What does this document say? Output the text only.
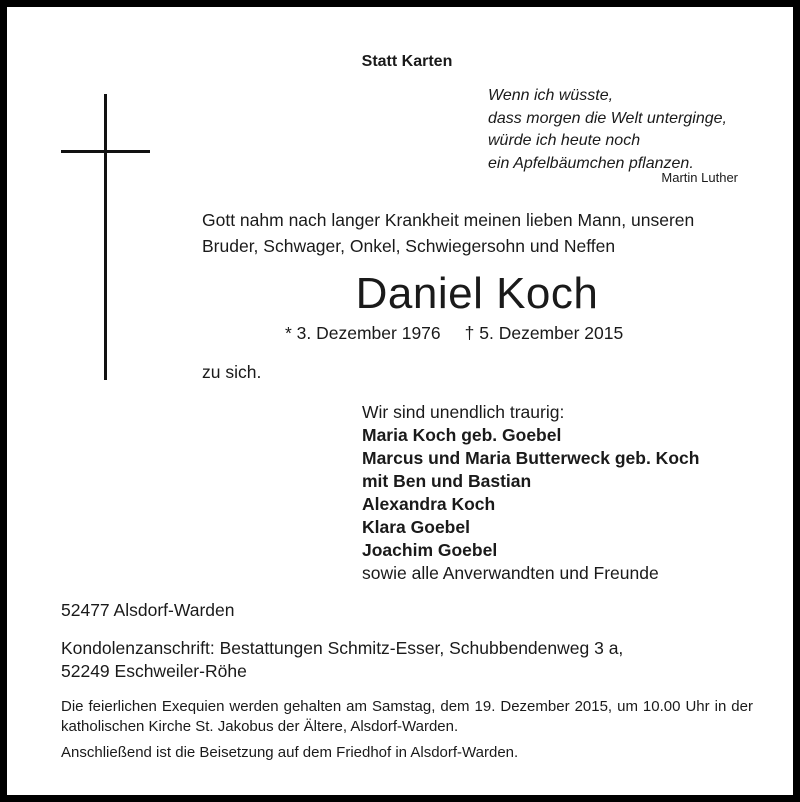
Statt Karten
Wenn ich wüsste,
dass morgen die Welt unterginge,
würde ich heute noch
ein Apfelbäumchen pflanzen.
Martin Luther
Gott nahm nach langer Krankheit meinen lieben Mann, unseren
Bruder, Schwager, Onkel, Schwiegersohn und Neffen
Daniel Koch
* 3. Dezember 1976 † 5. Dezember 2015
zu sich.
Wir sind unendlich traurig:
Maria Koch geb. Goebel
Marcus und Maria Butterweck geb. Koch
mit Ben und Bastian
Alexandra Koch
Klara Goebel
Joachim Goebel
sowie alle Anverwandten und Freunde
52477 Alsdorf-Warden
Kondolenzanschrift: Bestattungen Schmitz-Esser, Schubbendenweg 3 a,
52249 Eschweiler-Röhe
Die feierlichen Exequien werden gehalten am Samstag, dem 19. Dezember 2015, um 10.00 Uhr in der katholischen Kirche St. Jakobus der Ältere, Alsdorf-Warden.
Anschließend ist die Beisetzung auf dem Friedhof in Alsdorf-Warden.
